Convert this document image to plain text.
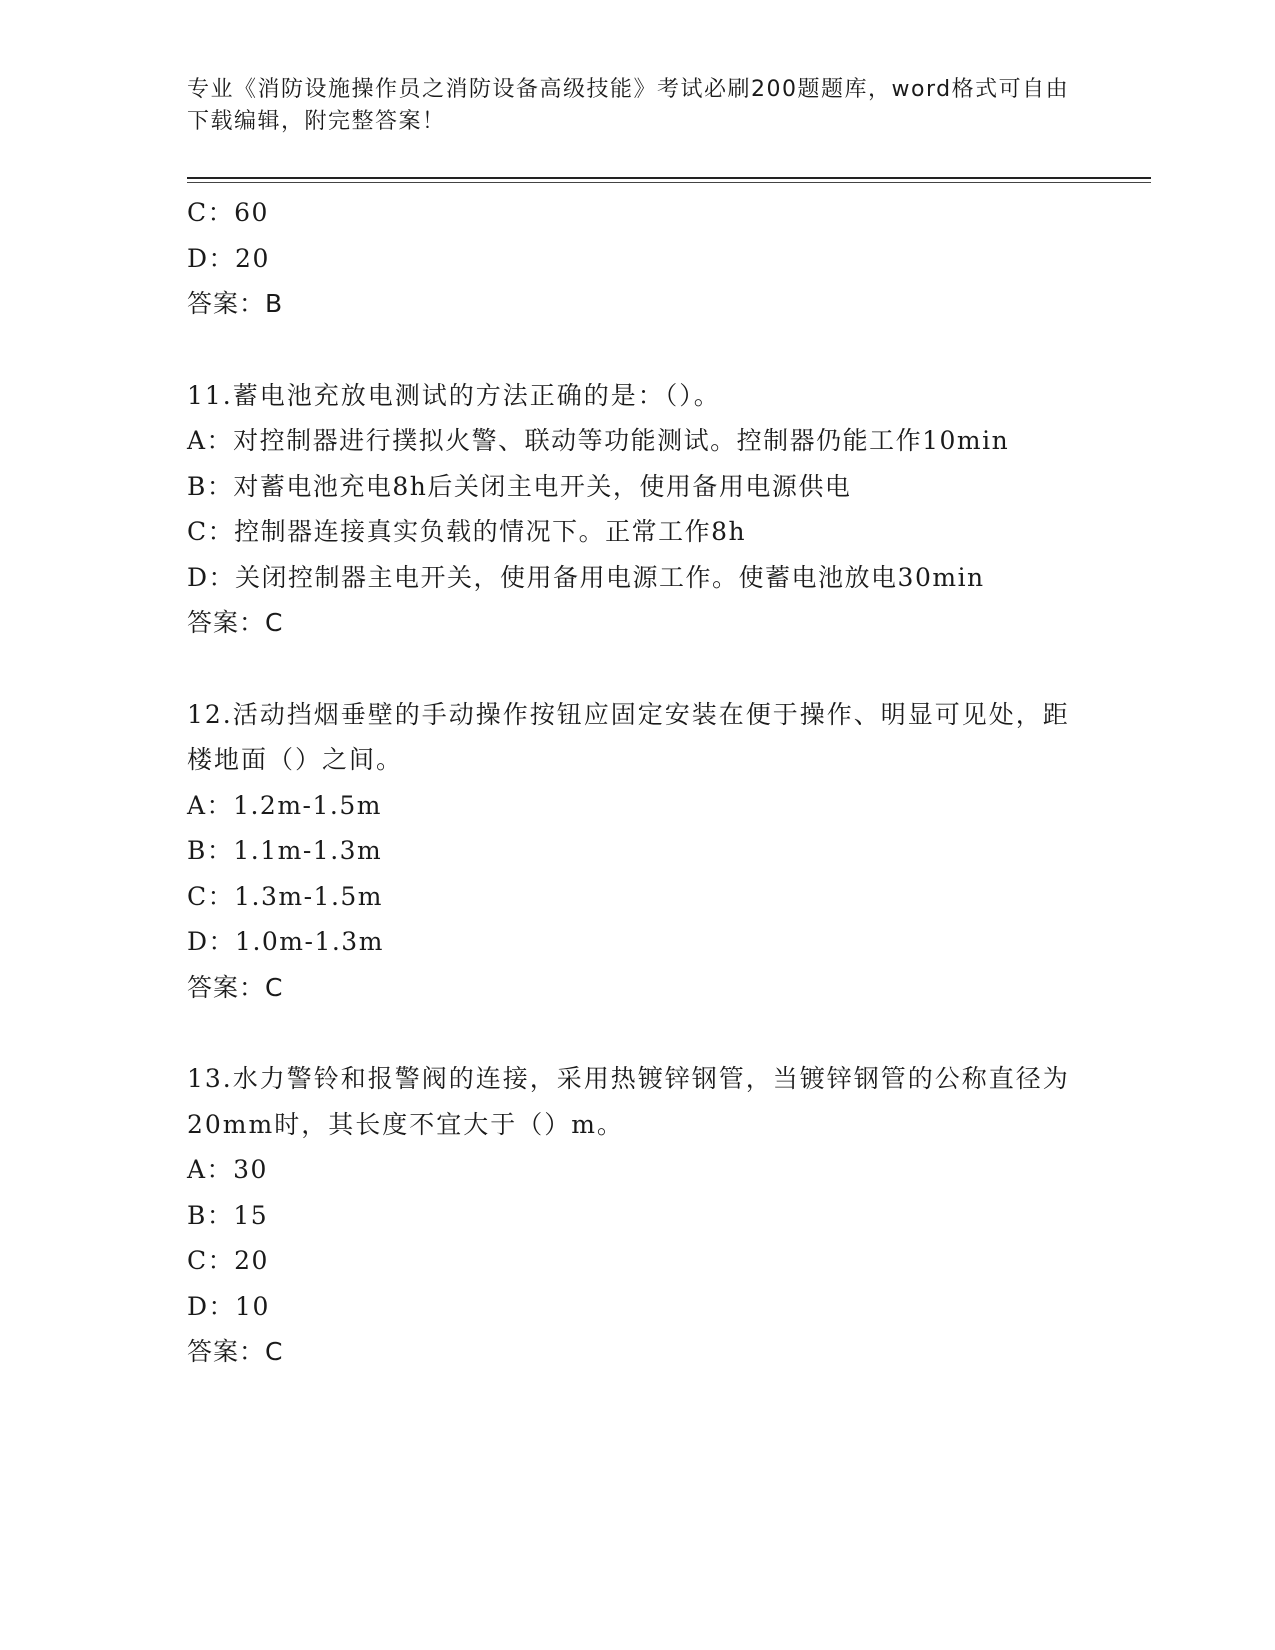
专业《消防设施操作员之消防设备高级技能》考试必刷200题题库，word格式可自由下载编辑，附完整答案！
C：60
D：20
答案：B
11.蓄电池充放电测试的方法正确的是：（）。
A：对控制器进行撲拟火警、联动等功能测试。控制器仍能工作10min
B：对蓄电池充电8h后关闭主电开关，使用备用电源供电
C：控制器连接真实负载的情况下。正常工作8h
D：关闭控制器主电开关，使用备用电源工作。使蓄电池放电30min
答案：C
12.活动挡烟垂壁的手动操作按钮应固定安装在便于操作、明显可见处，距楼地面（）之间。
A：1.2m-1.5m
B：1.1m-1.3m
C：1.3m-1.5m
D：1.0m-1.3m
答案：C
13.水力警铃和报警阀的连接，采用热镀锌钢管，当镀锌钢管的公称直径为20mm时，其长度不宜大于（）m。
A：30
B：15
C：20
D：10
答案：C
